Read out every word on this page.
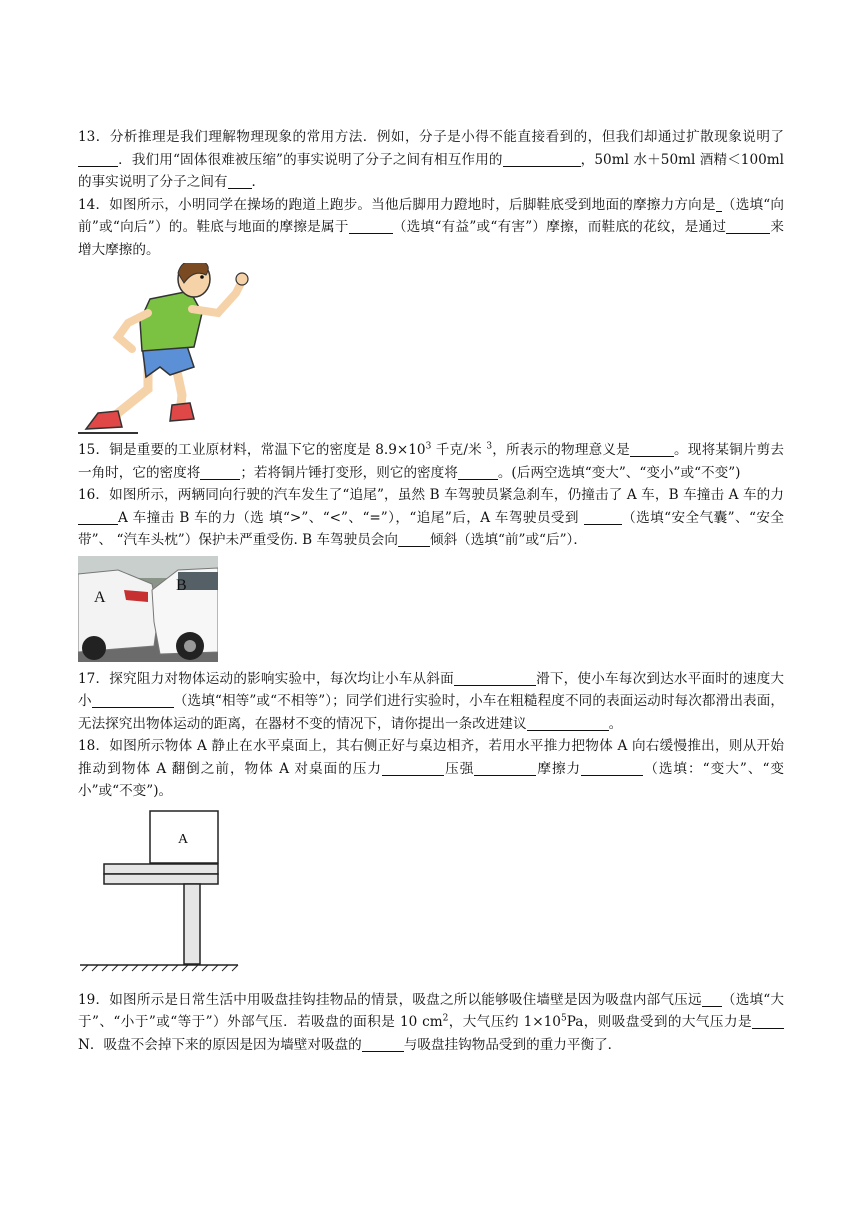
13．分析推理是我们理解物理现象的常用方法．例如，分子是小得不能直接看到的，但我们却通过扩散现象说明了．我们用“固体很难被压缩”的事实说明了分子之间有相互作用的	，50ml 水＋50ml 酒精＜100ml 的事实说明了分子之间有 ．

14．如图所示，小明同学在操场的跑道上跑步。当他后脚用力蹬地时，后脚鞋底受到地面的摩擦力方向是 （选填“向前”或“向后”）的。鞋底与地面的摩擦是属于	（选填“有益”或“有害”）摩擦，而鞋底的花纹，是通过	来增大摩擦的。

15．铜是重要的工业原材料，常温下它的密度是 $8.9\times 10^3$ 千克/米 $^3$，所表示的物理意义是	。现将某铜片剪去一角时，它的密度将	；若将铜片锤打变形，则它的密度将	。(后两空选填“变大”、“变小”或“不变”)

16．如图所示，两辆同向行驶的汽车发生了“追尾”，虽然 B 车驾驶员紧急刹车，仍撞击了 A 车，B 车撞击 A 车的力A 车撞击 B 车的力（选 填“>”、“<”、“=”），“追尾”后，A 车驾驶员受到	（选填“安全气囊”、“安全带”、 “汽车头枕”）保护未严重受伤. B 车驾驶员会向 倾斜（选填“前”或“后”）．

A
B

17．探究阻力对物体运动的影响实验中，每次均让小车从斜面	滑下，使小车每次到达水平面时的速度大小	（选填“相等”或“不相等”）；同学们进行实验时，小车在粗糙程度不同的表面运动时每次都滑出表面，无法探究出物体运动的距离，在器材不变的情况下，请你提出一条改进建议	。

18．如图所示物体 A 静止在水平桌面上，其右侧正好与桌边相齐，若用水平推力把物体 A 向右缓慢推出，则从开始推动到物体 A 翻倒之前，物体 A 对桌面的压力	压强	摩擦力	（选填：“变大”、“变小”或“不变”)。

A

19．如图所示是日常生活中用吸盘挂钩挂物品的情景，吸盘之所以能够吸住墙壁是因为吸盘内部气压远 （选填“大于”、“小于”或“等于”）外部气压．若吸盘的面积是 10 $cm^2$，大气压约 $1\times 10^5Pa$，则吸盘受到的大气压力是N．吸盘不会掉下来的原因是因为墙壁对吸盘的	与吸盘挂钩物品受到的重力平衡了．
